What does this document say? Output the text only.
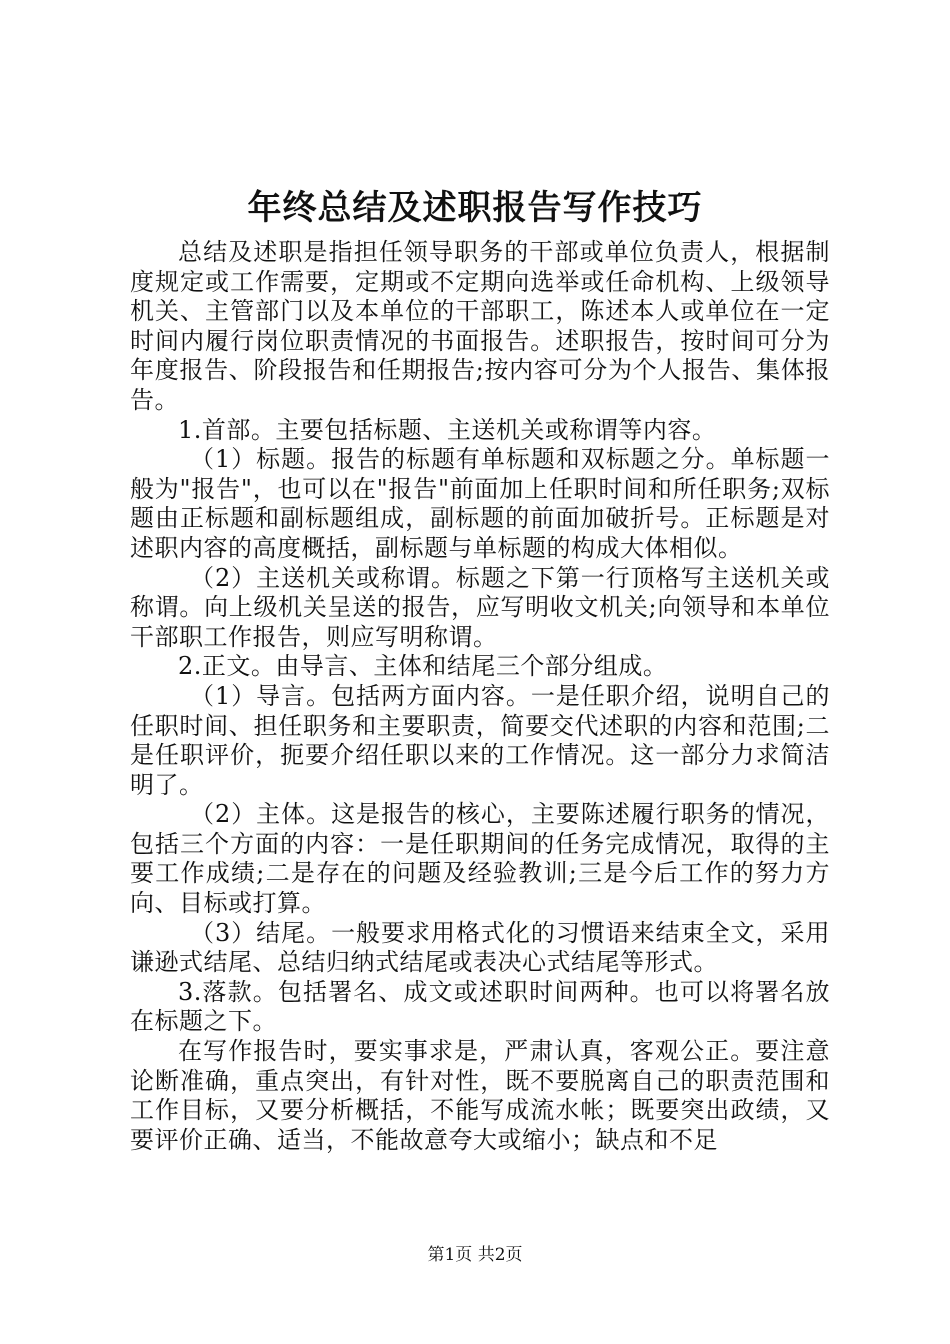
年终总结及述职报告写作技巧

总结及述职是指担任领导职务的干部或单位负责人，根据制度规定或工作需要，定期或不定期向选举或任命机构、上级领导机关、主管部门以及本单位的干部职工，陈述本人或单位在一定时间内履行岗位职责情况的书面报告。述职报告，按时间可分为年度报告、阶段报告和任期报告;按内容可分为个人报告、集体报告。

1.首部。主要包括标题、主送机关或称谓等内容。

（1）标题。报告的标题有单标题和双标题之分。单标题一般为"报告"，也可以在"报告"前面加上任职时间和所任职务;双标题由正标题和副标题组成，副标题的前面加破折号。正标题是对述职内容的高度概括，副标题与单标题的构成大体相似。

（2）主送机关或称谓。标题之下第一行顶格写主送机关或称谓。向上级机关呈送的报告，应写明收文机关;向领导和本单位干部职工作报告，则应写明称谓。

2.正文。由导言、主体和结尾三个部分组成。

（1）导言。包括两方面内容。一是任职介绍，说明自己的任职时间、担任职务和主要职责，简要交代述职的内容和范围;二是任职评价，扼要介绍任职以来的工作情况。这一部分力求简洁明了。

（2）主体。这是报告的核心，主要陈述履行职务的情况，包括三个方面的内容：一是任职期间的任务完成情况，取得的主要工作成绩;二是存在的问题及经验教训;三是今后工作的努力方向、目标或打算。

（3）结尾。一般要求用格式化的习惯语来结束全文，采用谦逊式结尾、总结归纳式结尾或表决心式结尾等形式。

3.落款。包括署名、成文或述职时间两种。也可以将署名放在标题之下。

在写作报告时，要实事求是，严肃认真，客观公正。要注意论断准确，重点突出，有针对性，既不要脱离自己的职责范围和工作目标，又要分析概括，不能写成流水帐；既要突出政绩，又要评价正确、适当，不能故意夸大或缩小；缺点和不足

第1页 共2页
